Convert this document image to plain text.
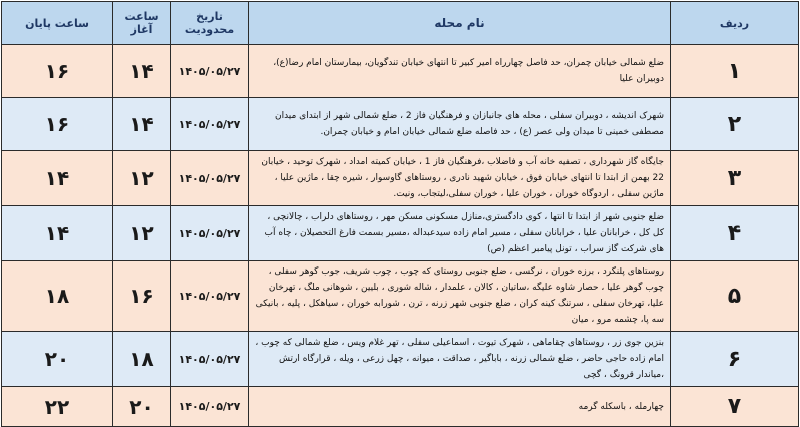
ردیف	نام محله	تاریخ محدودیت	ساعت آغاز	ساعت پایان
۱	ضلع شمالی خیابان چمران، حد فاصل چهارراه امیر کبیر تا انتهای خیابان تندگویان، بیمارستان امام رضا(ع)، دوبیران علیا	۱۴۰۵/۰۵/۲۷	۱۴	۱۶
۲	شهرک اندیشه ، دوبیران سفلی ، محله های جانبازان و فرهنگیان فاز 2 ، ضلع شمالی شهر از ابتدای میدان مصطفی خمینی تا میدان ولی عصر (ع) ، حد فاصله ضلع شمالی خیابان امام و خیابان چمران.	۱۴۰۵/۰۵/۲۷	۱۴	۱۶
۳	جایگاه گاز شهرداری ، تصفیه خانه آب و فاضلاب ،فرهنگیان فاز 1 ، خیابان کمیته امداد ، شهرک توحید ، خیابان 22 بهمن از ابتدا تا انتهای خیابان فوق ، خیابان شهید نادری ، روستاهای گاوسوار ، شیره چقا ، ماژین علیا ، ماژین سفلی ، اردوگاه خوران ، خوران علیا ، خوران سفلی،لیتجاب، ونیت.	۱۴۰۵/۰۵/۲۷	۱۲	۱۴
۴	ضلع جنوبی شهر از ابتدا تا انتها ، کوی دادگستری،منازل مسکونی مسکن مهر ، روستاهای دلراب ، چالانچی ، کل کل ، خرابانان علیا ، خرابانان سفلی ، مسیر امام زاده سیدعبداله ،مسیر بسمت فارغ التحصیلان ، چاه آب های شرکت گاز سراب ، تونل پیامبر اعظم (ص)	۱۴۰۵/۰۵/۲۷	۱۲	۱۴
۵	روستاهای پلنگرد ، برزه خوران ، نرگسی ، ضلع جنوبی روستای که چوب ، چوب شریف، جوب گوهر سفلی ، چوب گوهر علیا ، حصار شاوه علیگه ،ساتیان ، کالان ، علمدار ، شاله شوری ، بلیین ، شوهانی ملگ ، تهرخان علیا، تهرخان سفلی ، سرتنگ کینه کران ، ضلع جنوبی شهر زرنه ، ترن ، شورابه خوران ، سیاهکل ، پلیه ، بانیکی سه پا، چشمه مرو ، میان	۱۴۰۵/۰۵/۲۷	۱۶	۱۸
۶	بنزین جوی زر ، روستاهای چقاماهی ، شهرک تیوت ، اسماعیلی سفلی ، تهر غلام ویس ، ضلع شمالی که چوب ، امام زاده حاجی حاضر ، ضلع شمالی زرنه ، باباگیر ، صداقت ، میوانه ، چهل زرعی ، ویله ، قرارگاه ارتش ،میاندار قرونگ ، گچی	۱۴۰۵/۰۵/۲۷	۱۸	۲۰
۷	چهارمله ، باسکله گرمه	۱۴۰۵/۰۵/۲۷	۲۰	۲۲
